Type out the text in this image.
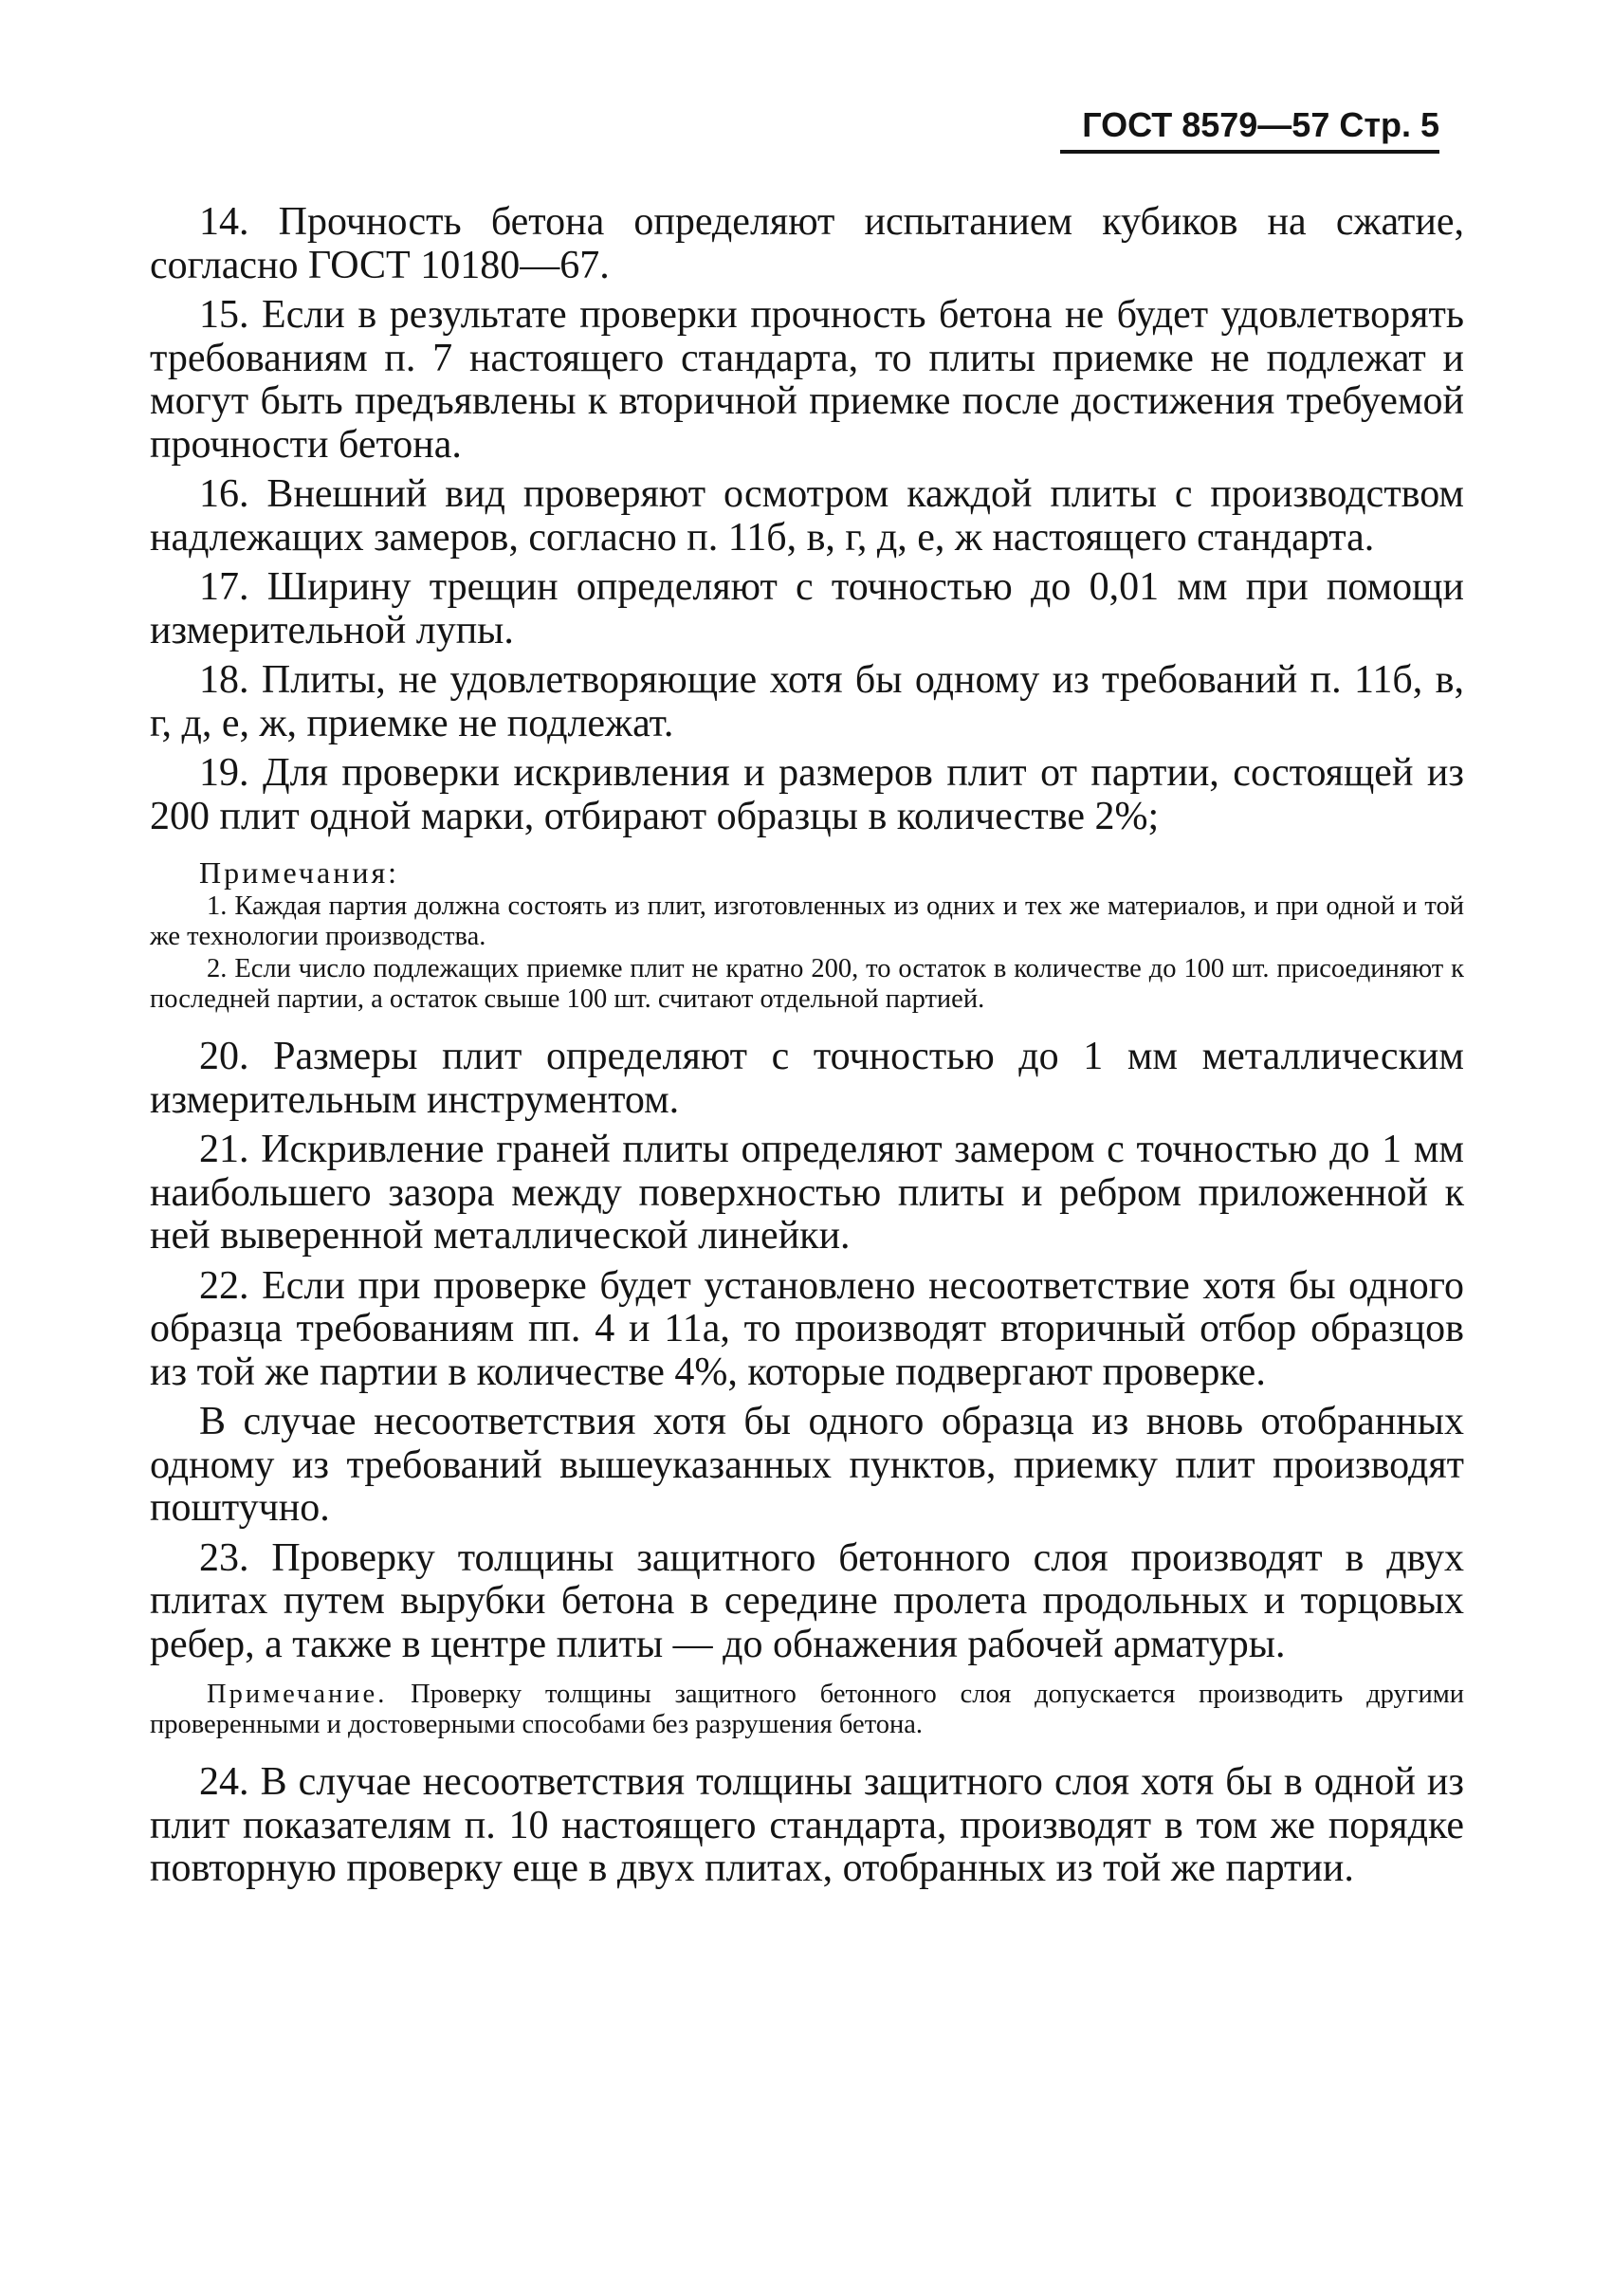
ГОСТ 8579—57 Стр. 5

14. Прочность бетона определяют испытанием кубиков на сжатие, согласно ГОСТ 10180—67.

15. Если в результате проверки прочность бетона не будет удовлетворять требованиям п. 7 настоящего стандарта, то плиты приемке не подлежат и могут быть предъявлены к вторичной приемке после достижения требуемой прочности бетона.

16. Внешний вид проверяют осмотром каждой плиты с производством надлежащих замеров, согласно п. 11б, в, г, д, е, ж настоящего стандарта.

17. Ширину трещин определяют с точностью до 0,01 мм при помощи измерительной лупы.

18. Плиты, не удовлетворяющие хотя бы одному из требований п. 11б, в, г, д, е, ж, приемке не подлежат.

19. Для проверки искривления и размеров плит от партии, состоящей из 200 плит одной марки, отбирают образцы в количестве 2%;

Примечания:

1. Каждая партия должна состоять из плит, изготовленных из одних и тех же материалов, и при одной и той же технологии производства.

2. Если число подлежащих приемке плит не кратно 200, то остаток в количестве до 100 шт. присоединяют к последней партии, а остаток свыше 100 шт. считают отдельной партией.

20. Размеры плит определяют с точностью до 1 мм металлическим измерительным инструментом.

21. Искривление граней плиты определяют замером с точностью до 1 мм наибольшего зазора между поверхностью плиты и ребром приложенной к ней выверенной металлической линейки.

22. Если при проверке будет установлено несоответствие хотя бы одного образца требованиям пп. 4 и 11а, то производят вторичный отбор образцов из той же партии в количестве 4%, которые подвергают проверке.

В случае несоответствия хотя бы одного образца из вновь отобранных одному из требований вышеуказанных пунктов, приемку плит производят поштучно.

23. Проверку толщины защитного бетонного слоя производят в двух плитах путем вырубки бетона в середине пролета продольных и торцовых ребер, а также в центре плиты — до обнажения рабочей арматуры.

Примечание. Проверку толщины защитного бетонного слоя допускается производить другими проверенными и достоверными способами без разрушения бетона.

24. В случае несоответствия толщины защитного слоя хотя бы в одной из плит показателям п. 10 настоящего стандарта, производят в том же порядке повторную проверку еще в двух плитах, отобранных из той же партии.
